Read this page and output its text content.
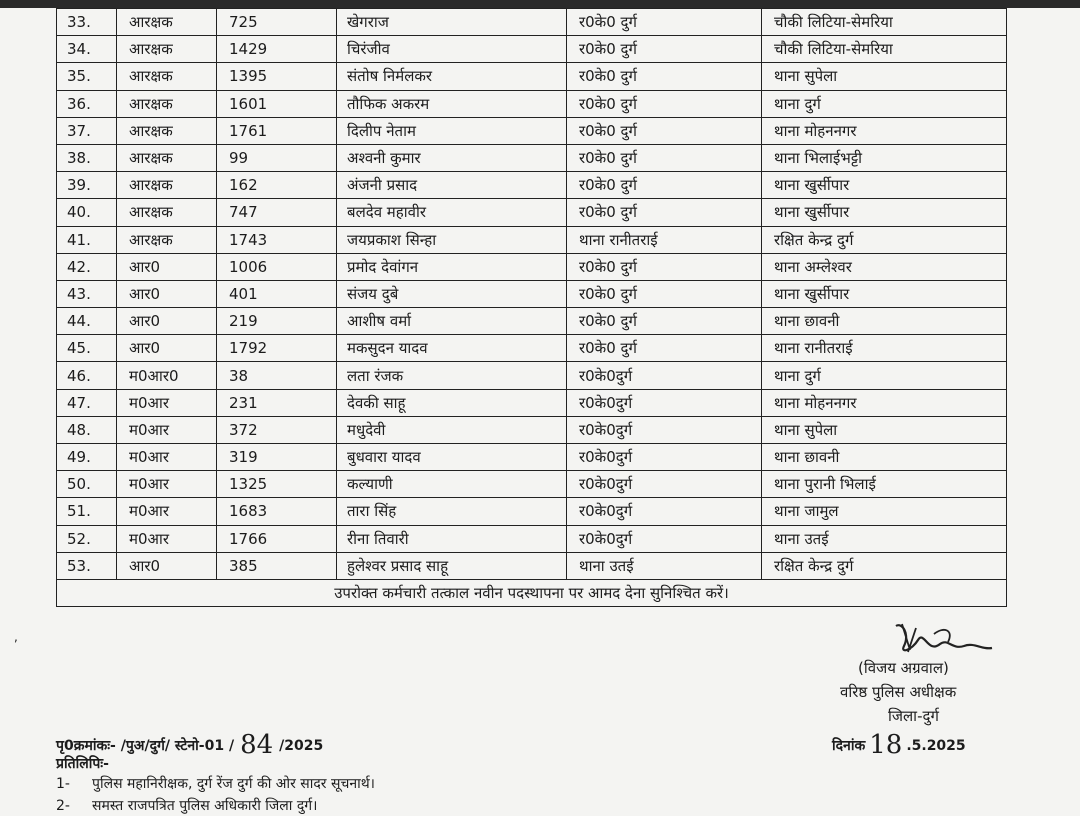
33.	आरक्षक	725	खेगराज	र0के0 दुर्ग	चौकी लिटिया-सेमरिया
34.	आरक्षक	1429	चिरंजीव	र0के0 दुर्ग	चौकी लिटिया-सेमरिया
35.	आरक्षक	1395	संतोष निर्मलकर	र0के0 दुर्ग	थाना सुपेला
36.	आरक्षक	1601	तौफिक अकरम	र0के0 दुर्ग	थाना दुर्ग
37.	आरक्षक	1761	दिलीप नेताम	र0के0 दुर्ग	थाना मोहननगर
38.	आरक्षक	99	अश्वनी कुमार	र0के0 दुर्ग	थाना भिलाईभट्टी
39.	आरक्षक	162	अंजनी प्रसाद	र0के0 दुर्ग	थाना खुर्सीपार
40.	आरक्षक	747	बलदेव महावीर	र0के0 दुर्ग	थाना खुर्सीपार
41.	आरक्षक	1743	जयप्रकाश सिन्हा	थाना रानीतराई	रक्षित केन्द्र दुर्ग
42.	आर0	1006	प्रमोद देवांगन	र0के0 दुर्ग	थाना अम्लेश्वर
43.	आर0	401	संजय दुबे	र0के0 दुर्ग	थाना खुर्सीपार
44.	आर0	219	आशीष वर्मा	र0के0 दुर्ग	थाना छावनी
45.	आर0	1792	मकसुदन यादव	र0के0 दुर्ग	थाना रानीतराई
46.	म0आर0	38	लता रंजक	र0के0दुर्ग	थाना दुर्ग
47.	म0आर	231	देवकी साहू	र0के0दुर्ग	थाना मोहननगर
48.	म0आर	372	मधुदेवी	र0के0दुर्ग	थाना सुपेला
49.	म0आर	319	बुधवारा यादव	र0के0दुर्ग	थाना छावनी
50.	म0आर	1325	कल्याणी	र0के0दुर्ग	थाना पुरानी भिलाई
51.	म0आर	1683	तारा सिंह	र0के0दुर्ग	थाना जामुल
52.	म0आर	1766	रीना तिवारी	र0के0दुर्ग	थाना उतई
53.	आर0	385	हुलेश्वर प्रसाद साहू	थाना उतई	रक्षित केन्द्र दुर्ग
उपरोक्त कर्मचारी तत्काल नवीन पदस्थापना पर आमद देना सुनिश्चित करें।					
,
(विजय अग्रवाल)
वरिष्ठ पुलिस अधीक्षक
जिला-दुर्ग
पृ0क्रमांकः- /पुअ/दुर्ग/ स्टेनो-01 / 84 /2025	दिनांक 18 .5.2025
प्रतिलिपिः-
1- पुलिस महानिरीक्षक, दुर्ग रेंज दुर्ग की ओर सादर सूचनार्थ।
2- समस्त राजपत्रित पुलिस अधिकारी जिला दुर्ग।
